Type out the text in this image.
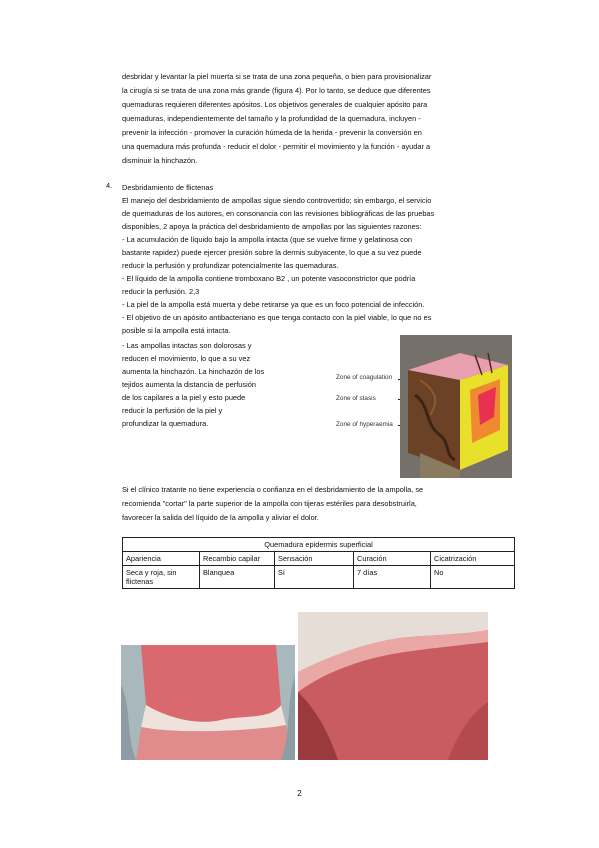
desbridar y levantar la piel muerta si se trata de una zona pequeña, o bien para provisionalizar

la cirugía si se trata de una zona más grande (figura 4). Por lo tanto, se deduce que diferentes

quemaduras requieren diferentes apósitos. Los objetivos generales de cualquier apósito para

quemaduras, independientemente del tamaño y la profundidad de la quemadura, incluyen -

prevenir la infección - promover la curación húmeda de la herida - prevenir la conversión en

una quemadura más profunda - reducir el dolor - permitir el movimiento y la función - ayudar a

disminuir la hinchazón.

4. Desbridamiento de flictenas

El manejo del desbridamiento de ampollas sigue siendo controvertido; sin embargo, el servicio

de quemaduras de los autores, en consonancia con las revisiones bibliográficas de las pruebas

disponibles, 2 apoya la práctica del desbridamiento de ampollas por las siguientes razones:

- La acumulación de líquido bajo la ampolla intacta (que se vuelve firme y gelatinosa con

bastante rapidez) puede ejercer presión sobre la dermis subyacente, lo que a su vez puede

reducir la perfusión y profundizar potencialmente las quemaduras.

- El líquido de la ampolla contiene tromboxano B2 , un potente vasoconstrictor que podría

reducir la perfusión. 2,3

- La piel de la ampolla está muerta y debe retirarse ya que es un foco potencial de infección.

- El objetivo de un apósito antibacteriano es que tenga contacto con la piel viable, lo que no es

posible si la ampolla está intacta.

- Las ampollas intactas son dolorosas y

reducen el movimiento, lo que a su vez

aumenta la hinchazón. La hinchazón de los

tejidos aumenta la distancia de perfusión

de los capilares a la piel y esto puede

reducir la perfusión de la piel y

profundizar la quemadura.

Zone of coagulation
Zone of stasis
Zone of hyperaemia

Si el clínico tratante no tiene experiencia o confianza en el desbridamiento de la ampolla, se

recomienda "cortar" la parte superior de la ampolla con tijeras estériles para desobstruirla,

favorecer la salida del líquido de la ampolla y aliviar el dolor.

Quemadura epidermis superficial				
Apariencia	Recambio capilar	Sensación	Curación	Cicatrización
Seca y roja, sin flictenas	Blanquea	Sí	7 días	No
2
